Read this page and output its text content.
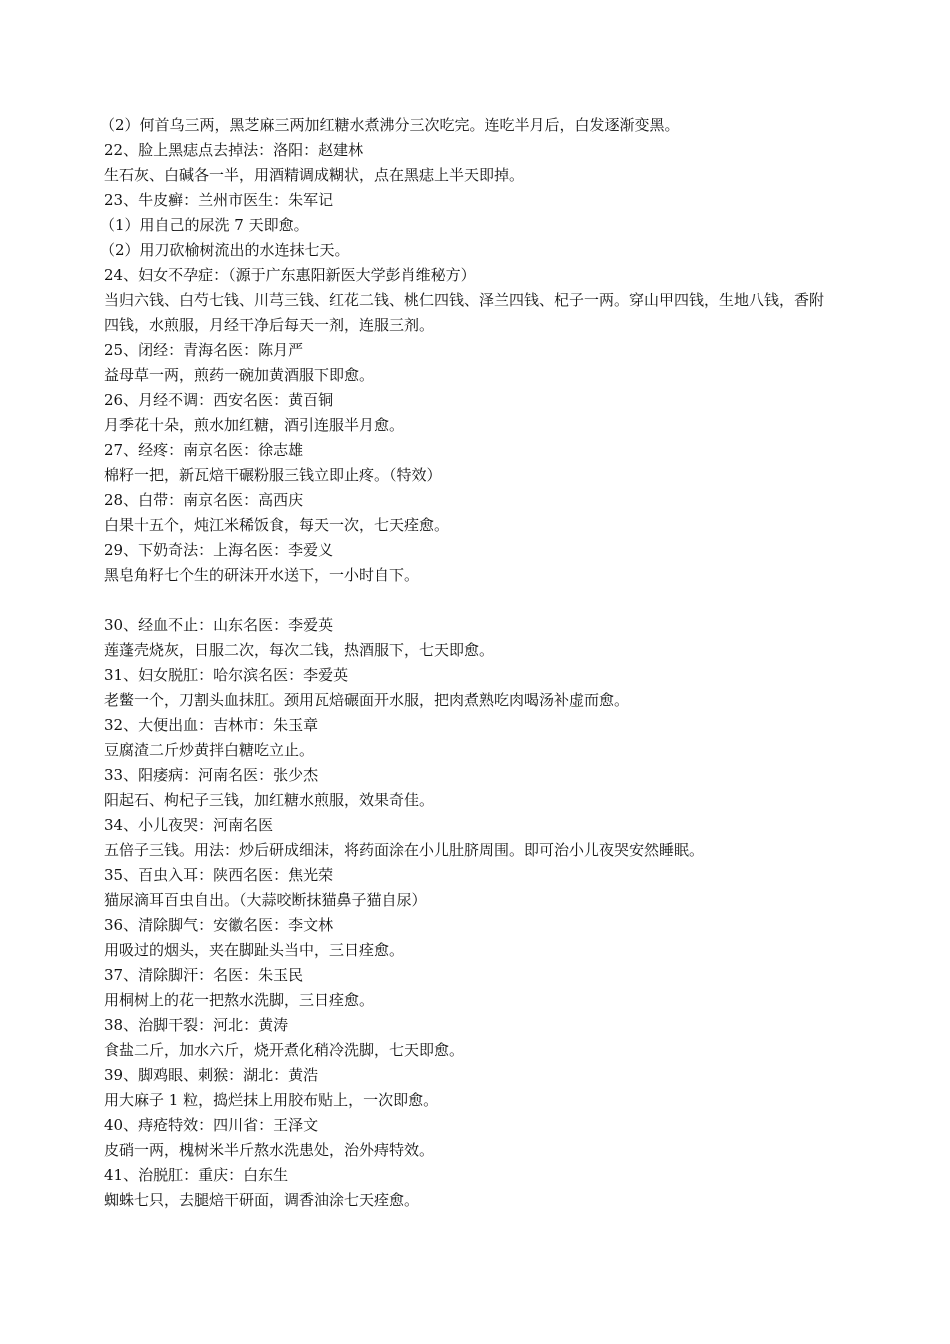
（2）何首乌三两，黑芝麻三两加红糖水煮沸分三次吃完。连吃半月后，白发逐渐变黑。

22、脸上黑痣点去掉法：洛阳：赵建林

生石灰、白碱各一半，用酒精调成糊状，点在黑痣上半天即掉。

23、牛皮癣：兰州市医生：朱军记

（1）用自己的尿洗 7 天即愈。

（2）用刀砍榆树流出的水连抹七天。

24、妇女不孕症：（源于广东惠阳新医大学彭肖维秘方）

当归六钱、白芍七钱、川芎三钱、红花二钱、桃仁四钱、泽兰四钱、杞子一两。穿山甲四钱，生地八钱，香附

四钱，水煎服，月经干净后每天一剂，连服三剂。

25、闭经：青海名医：陈月严

益母草一两，煎药一碗加黄酒服下即愈。

26、月经不调：西安名医：黄百铜

月季花十朵，煎水加红糖，酒引连服半月愈。

27、经疼：南京名医：徐志雄

棉籽一把，新瓦焙干碾粉服三钱立即止疼。（特效）

28、白带：南京名医：高西庆

白果十五个，炖江米稀饭食，每天一次，七天痊愈。

29、下奶奇法：上海名医：李爱义

黑皂角籽七个生的研沫开水送下，一小时自下。

30、经血不止：山东名医：李爱英

莲蓬壳烧灰，日服二次，每次二钱，热酒服下，七天即愈。

31、妇女脱肛：哈尔滨名医：李爱英

老鳖一个，刀割头血抹肛。颈用瓦焙碾面开水服，把肉煮熟吃肉喝汤补虚而愈。

32、大便出血：吉林市：朱玉章

豆腐渣二斤炒黄拌白糖吃立止。

33、阳痿病：河南名医：张少杰

阳起石、枸杞子三钱，加红糖水煎服，效果奇佳。

34、小儿夜哭：河南名医

五倍子三钱。用法：炒后研成细沫，将药面涂在小儿肚脐周围。即可治小儿夜哭安然睡眠。

35、百虫入耳：陕西名医：焦光荣

猫尿滴耳百虫自出。（大蒜咬断抹猫鼻子猫自尿）

36、清除脚气：安徽名医：李文林

用吸过的烟头，夹在脚趾头当中，三日痊愈。

37、清除脚汗：名医：朱玉民

用桐树上的花一把熬水洗脚，三日痊愈。

38、治脚干裂：河北：黄涛

食盐二斤，加水六斤，烧开煮化稍冷洗脚，七天即愈。

39、脚鸡眼、刺猴：湖北：黄浩

用大麻子 1 粒，捣烂抹上用胶布贴上，一次即愈。

40、痔疮特效：四川省：王泽文

皮硝一两，槐树米半斤熬水洗患处，治外痔特效。

41、治脱肛：重庆：白东生

蜘蛛七只，去腿焙干研面，调香油涂七天痊愈。
